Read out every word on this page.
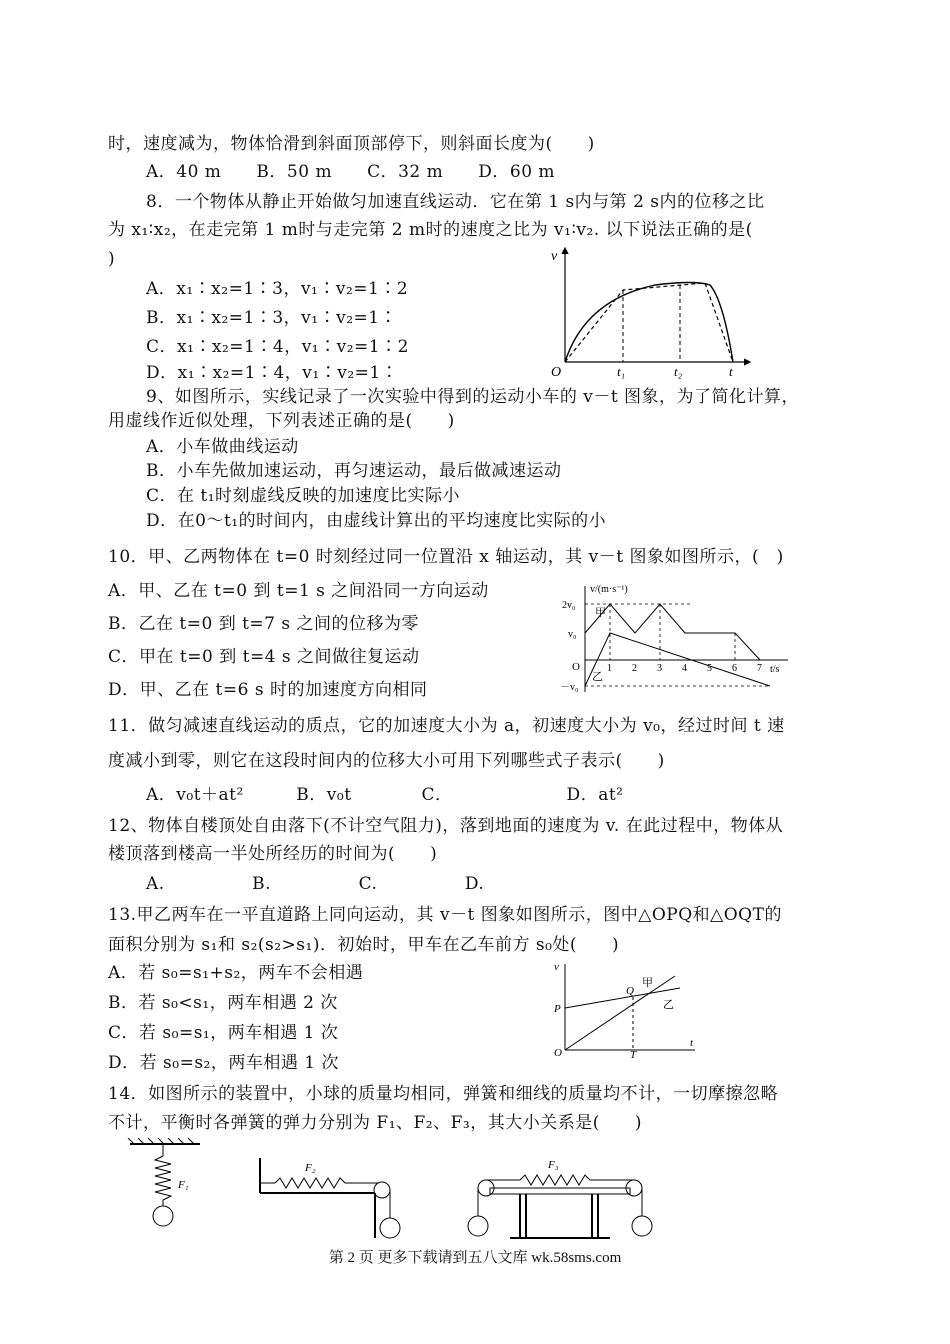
时，速度减为，物体恰滑到斜面顶部停下，则斜面长度为(　　)
A．40 m　　B．50 m　　C．32 m　　D．60 m
8．一个物体从静止开始做匀加速直线运动．它在第 1 s内与第 2 s内的位移之比
为 x₁∶x₂，在走完第 1 m时与走完第 2 m时的速度之比为 v₁∶v₂. 以下说法正确的是(
)
A．x₁∶x₂=1∶3，v₁∶v₂=1∶2
B．x₁∶x₂=1∶3，v₁∶v₂=1∶
C．x₁∶x₂=1∶4，v₁∶v₂=1∶2
D．x₁∶x₂=1∶4，v₁∶v₂=1∶
9、如图所示，实线记录了一次实验中得到的运动小车的 v－t 图象，为了简化计算，
用虚线作近似处理，下列表述正确的是(　　)
A．小车做曲线运动
B．小车先做加速运动，再匀速运动，最后做减速运动
C．在 t₁时刻虚线反映的加速度比实际小
D．在0～t₁的时间内，由虚线计算出的平均速度比实际的小
10．甲、乙两物体在 t=0 时刻经过同一位置沿 x 轴运动，其 v－t 图象如图所示，(　)
A．甲、乙在 t=0 到 t=1 s 之间沿同一方向运动
B．乙在 t=0 到 t=7 s 之间的位移为零
C．甲在 t=0 到 t=4 s 之间做往复运动
D．甲、乙在 t=6 s 时的加速度方向相同
11．做匀减速直线运动的质点，它的加速度大小为 a，初速度大小为 v₀，经过时间 t 速
度减小到零，则它在这段时间内的位移大小可用下列哪些式子表示(　　)
A．v₀t＋at²　　　B．v₀t　　　　C．　　　　　　　D．at²
12、物体自楼顶处自由落下(不计空气阻力)，落到地面的速度为 v. 在此过程中，物体从
楼顶落到楼高一半处所经历的时间为(　　)
A.　　　　　B.　　　　　C.　　　　　D.
13.甲乙两车在一平直道路上同向运动，其 v－t 图象如图所示，图中△OPQ和△OQT的
面积分别为 s₁和 s₂(s₂>s₁)．初始时，甲车在乙车前方 s₀处(　　)
A．若 s₀=s₁+s₂，两车不会相遇
B．若 s₀<s₁，两车相遇 2 次
C．若 s₀=s₁，两车相遇 1 次
D．若 s₀=s₂，两车相遇 1 次
14．如图所示的装置中，小球的质量均相同，弹簧和细线的质量均不计，一切摩擦忽略
不计，平衡时各弹簧的弹力分别为 F₁、F₂、F₃，其大小关系是(　　)
v
O	t₁	t₂	t
v/(m·s⁻¹)
t/s
2v₀
v₀
－v₀
O
甲
乙
1 2 3 4 5 6 7
v
t
O
P
Q
T
甲
乙
F₁
F₂	F₃
第 2 页 更多下载请到五八文库 wk.58sms.com
